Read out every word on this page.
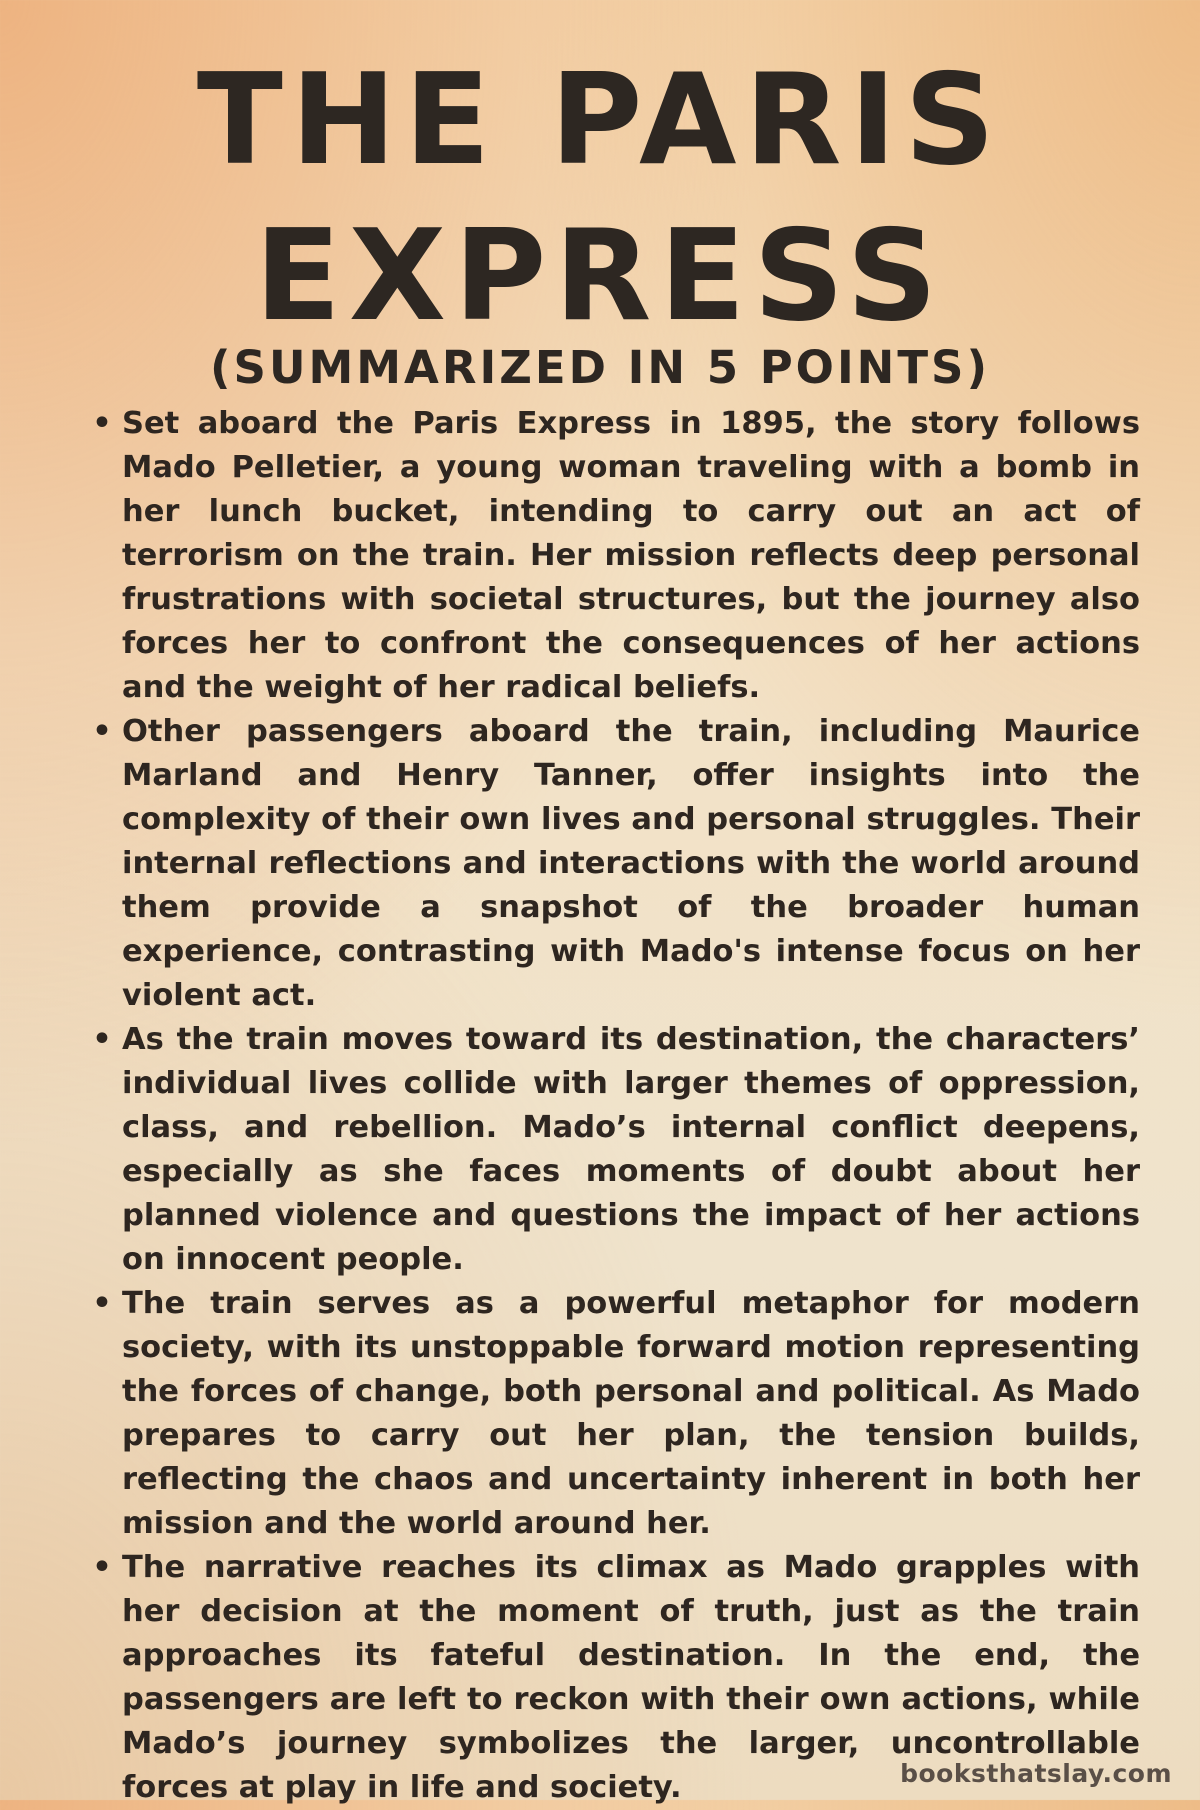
THE PARIS
EXPRESS
(SUMMARIZED IN 5 POINTS)
• Set aboard the Paris Express in 1895, the story follows Mado Pelletier, a young woman traveling with a bomb in her lunch bucket, intending to carry out an act of terrorism on the train. Her mission reflects deep personal frustrations with societal structures, but the journey also forces her to confront the consequences of her actions and the weight of her radical beliefs.
• Other passengers aboard the train, including Maurice Marland and Henry Tanner, offer insights into the complexity of their own lives and personal struggles. Their internal reflections and interactions with the world around them provide a snapshot of the broader human experience, contrasting with Mado's intense focus on her violent act.
• As the train moves toward its destination, the characters’ individual lives collide with larger themes of oppression, class, and rebellion. Mado’s internal conflict deepens, especially as she faces moments of doubt about her planned violence and questions the impact of her actions on innocent people.
• The train serves as a powerful metaphor for modern society, with its unstoppable forward motion representing the forces of change, both personal and political. As Mado prepares to carry out her plan, the tension builds, reflecting the chaos and uncertainty inherent in both her mission and the world around her.
• The narrative reaches its climax as Mado grapples with her decision at the moment of truth, just as the train approaches its fateful destination. In the end, the passengers are left to reckon with their own actions, while Mado’s journey symbolizes the larger, uncontrollable forces at play in life and society.	booksthatslay.com
